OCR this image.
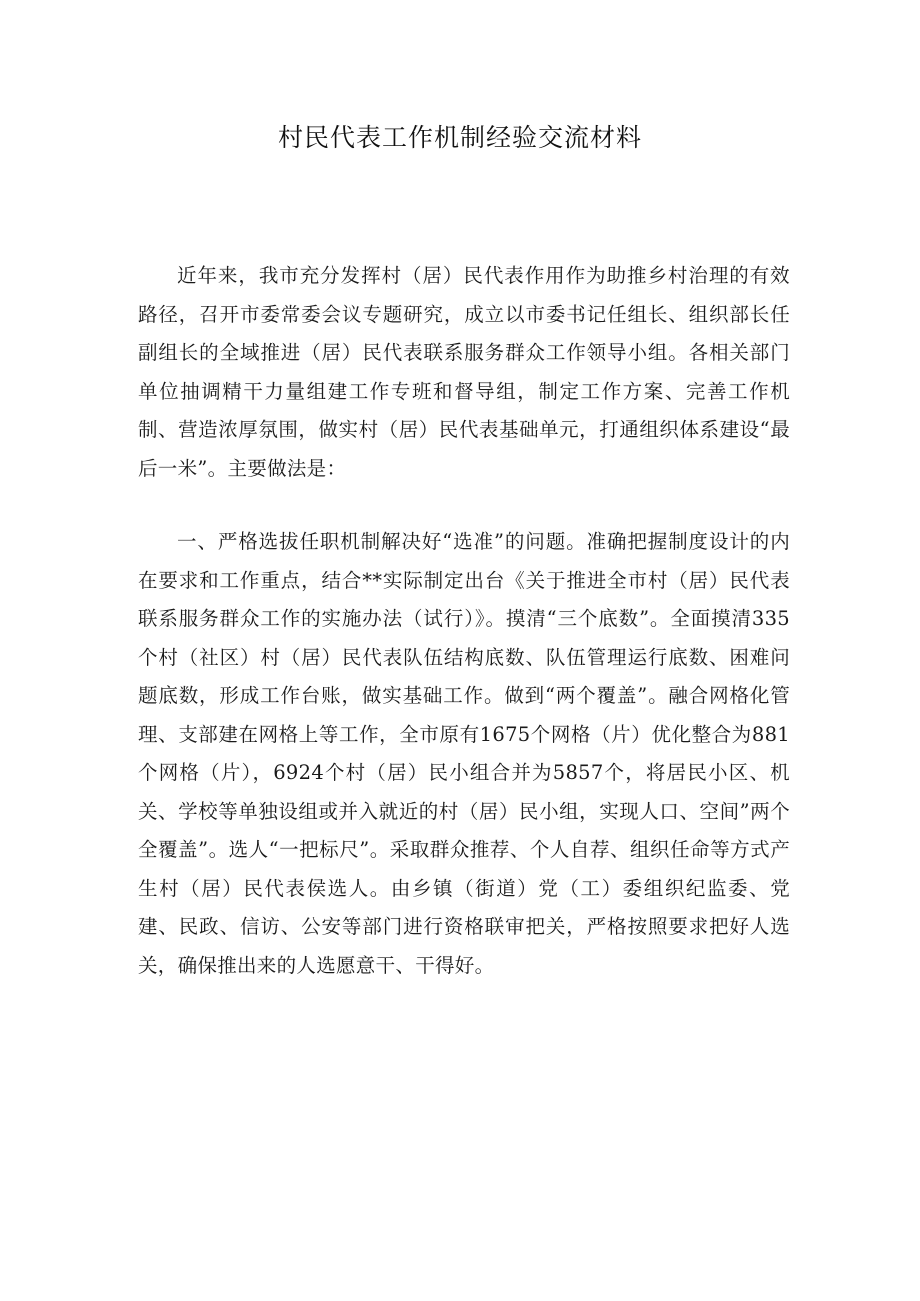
村民代表工作机制经验交流材料

近年来，我市充分发挥村（居）民代表作用作为助推乡村治理的有效路径，召开市委常委会议专题研究，成立以市委书记任组长、组织部长任副组长的全域推进（居）民代表联系服务群众工作领导小组。各相关部门单位抽调精干力量组建工作专班和督导组，制定工作方案、完善工作机制、营造浓厚氛围，做实村（居）民代表基础单元，打通组织体系建设“最后一米”。主要做法是：

一、严格选拔任职机制解决好“选准”的问题。准确把握制度设计的内在要求和工作重点，结合**实际制定出台《关于推进全市村（居）民代表联系服务群众工作的实施办法（试行）》。摸清“三个底数”。全面摸清335个村（社区）村（居）民代表队伍结构底数、队伍管理运行底数、困难问题底数，形成工作台账，做实基础工作。做到“两个覆盖”。融合网格化管理、支部建在网格上等工作，全市原有1675个网格（片）优化整合为881个网格（片），6924个村（居）民小组合并为5857个，将居民小区、机关、学校等单独设组或并入就近的村（居）民小组，实现人口、空间”两个全覆盖”。选人“一把标尺”。采取群众推荐、个人自荐、组织任命等方式产生村（居）民代表侯选人。由乡镇（街道）党（工）委组织纪监委、党建、民政、信访、公安等部门进行资格联审把关，严格按照要求把好人选关，确保推出来的人选愿意干、干得好。
